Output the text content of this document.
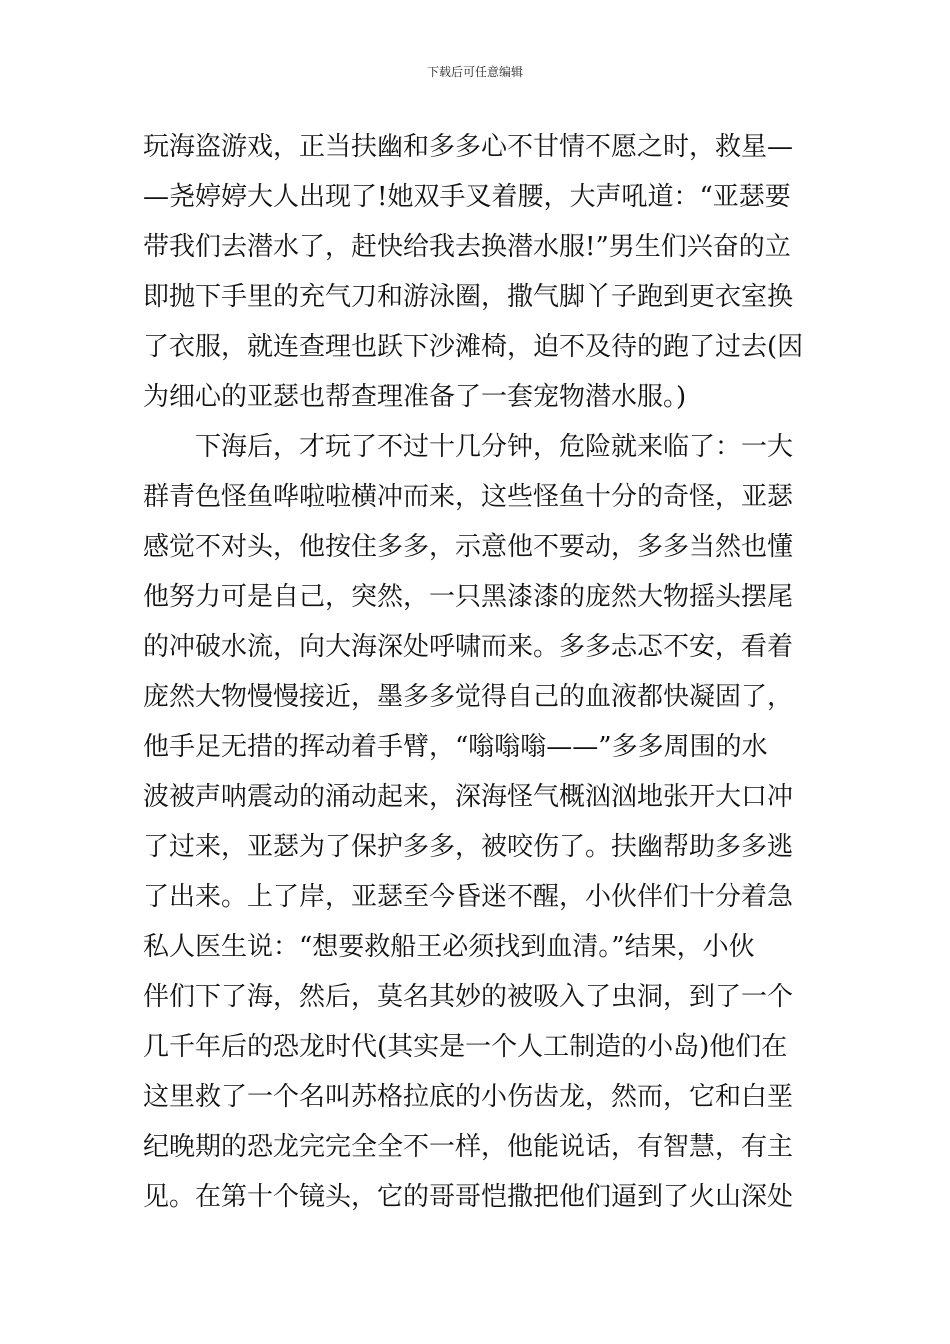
下载后可任意编辑
玩海盗游戏，正当扶幽和多多心不甘情不愿之时，救星—
—尧婷婷大人出现了!她双手叉着腰，大声吼道：“亚瑟要
带我们去潜水了，赶快给我去换潜水服!”男生们兴奋的立
即抛下手里的充气刀和游泳圈，撒气脚丫子跑到更衣室换
了衣服，就连查理也跃下沙滩椅，迫不及待的跑了过去(因
为细心的亚瑟也帮查理准备了一套宠物潜水服。)
下海后，才玩了不过十几分钟，危险就来临了：一大
群青色怪鱼哗啦啦横冲而来，这些怪鱼十分的奇怪，亚瑟
感觉不对头，他按住多多，示意他不要动，多多当然也懂
他努力可是自己，突然，一只黑漆漆的庞然大物摇头摆尾
的冲破水流，向大海深处呼啸而来。多多忐忑不安，看着
庞然大物慢慢接近，墨多多觉得自己的血液都快凝固了，
他手足无措的挥动着手臂，“嗡嗡嗡——”多多周围的水
波被声呐震动的涌动起来，深海怪气概汹汹地张开大口冲
了过来，亚瑟为了保护多多，被咬伤了。扶幽帮助多多逃
了出来。上了岸，亚瑟至今昏迷不醒，小伙伴们十分着急
私人医生说：“想要救船王必须找到血清。”结果，小伙
伴们下了海，然后，莫名其妙的被吸入了虫洞，到了一个
几千年后的恐龙时代(其实是一个人工制造的小岛)他们在
这里救了一个名叫苏格拉底的小伤齿龙，然而，它和白垩
纪晚期的恐龙完完全全不一样，他能说话，有智慧，有主
见。在第十个镜头，它的哥哥恺撒把他们逼到了火山深处
